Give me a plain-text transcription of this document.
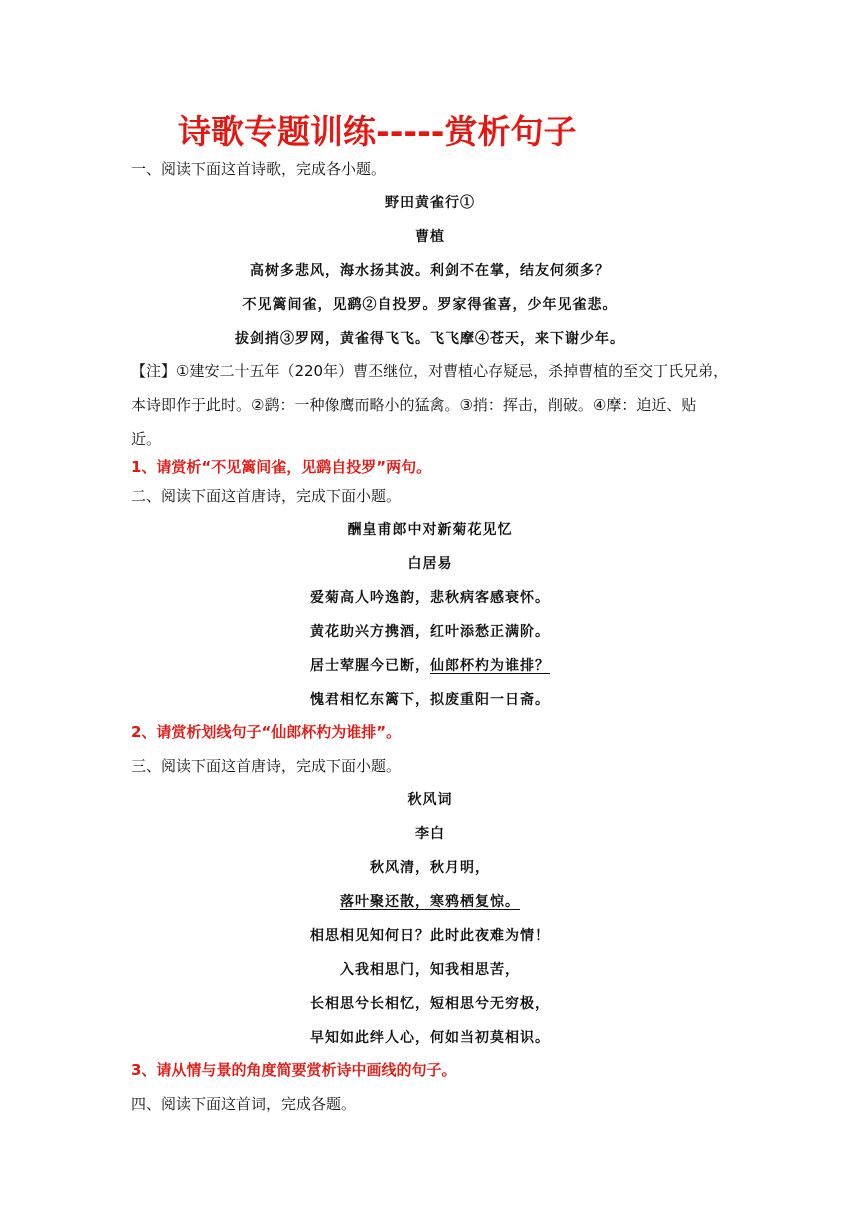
诗歌专题训练-----赏析句子
一、阅读下面这首诗歌，完成各小题。
野田黄雀行①
曹植
高树多悲风，海水扬其波。利剑不在掌，结友何须多？
不见篱间雀，见鹞②自投罗。罗家得雀喜，少年见雀悲。
拔剑捎③罗网，黄雀得飞飞。飞飞摩④苍天，来下谢少年。
【注】①建安二十五年（220年）曹丕继位，对曹植心存疑忌，杀掉曹植的至交丁氏兄弟，
本诗即作于此时。②鹞：一种像鹰而略小的猛禽。③捎：挥击，削破。④摩：迫近、贴
近。
1、请赏析“不见篱间雀，见鹞自投罗”两句。
二、阅读下面这首唐诗，完成下面小题。
酬皇甫郎中对新菊花见忆
白居易
爱菊高人吟逸韵，悲秋病客感衰怀。
黄花助兴方携酒，红叶添愁正满阶。
居士荤腥今已断，仙郎杯杓为谁排？
愧君相忆东篱下，拟废重阳一日斋。
2、请赏析划线句子“仙郎杯杓为谁排”。
三、阅读下面这首唐诗，完成下面小题。
秋风词
李白
秋风清，秋月明，
落叶聚还散，寒鸦栖复惊。
相思相见知何日？此时此夜难为情！
入我相思门，知我相思苦，
长相思兮长相忆，短相思兮无穷极，
早知如此绊人心，何如当初莫相识。
3、请从情与景的角度简要赏析诗中画线的句子。
四、阅读下面这首词，完成各题。
